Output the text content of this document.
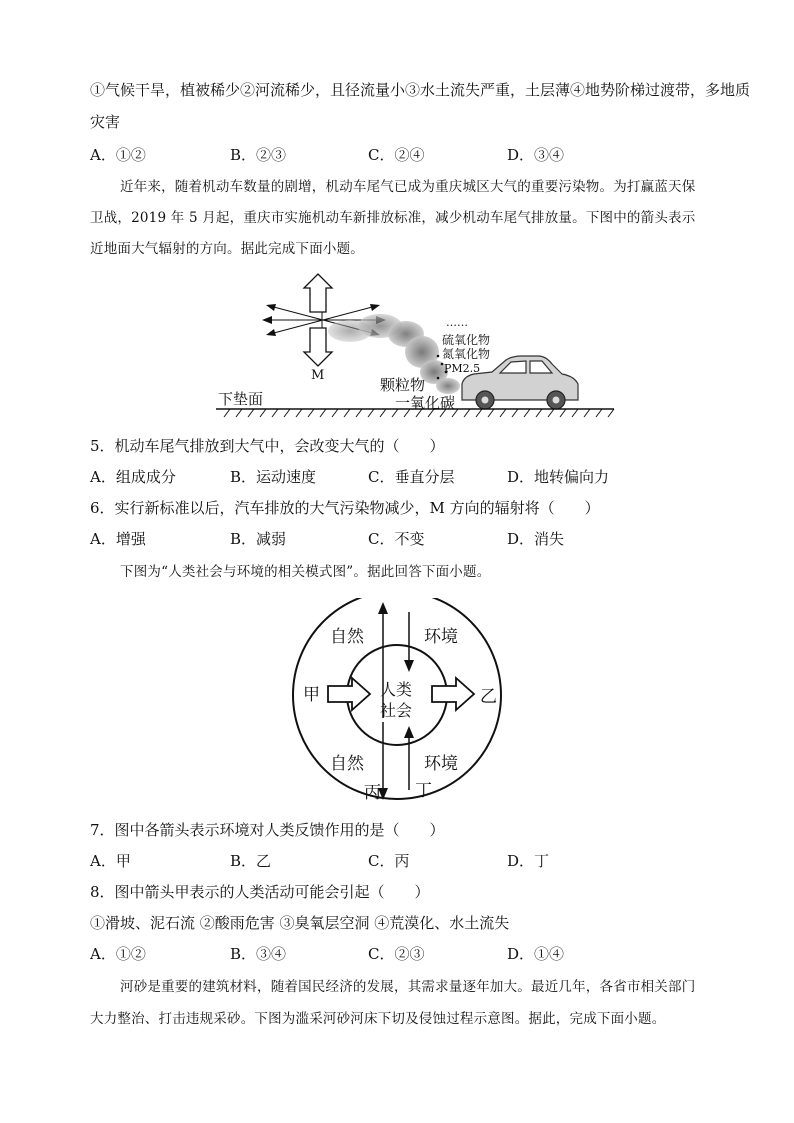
①气候干旱，植被稀少②河流稀少，且径流量小③水土流失严重，土层薄④地势阶梯过渡带，多地质
灾害
A．①②	B．②③	C．②④	D．③④
近年来，随着机动车数量的剧增，机动车尾气已成为重庆城区大气的重要污染物。为打赢蓝天保
卫战，2019 年 5 月起，重庆市实施机动车新排放标准，减少机动车尾气排放量。下图中的箭头表示
近地面大气辐射的方向。据此完成下面小题。
M
……
硫氧化物
氮氧化物
PM2.5
颗粒物
一氧化碳
下垫面
5．机动车尾气排放到大气中，会改变大气的（　　）
A．组成成分	B．运动速度	C．垂直分层	D．地转偏向力
6．实行新标准以后，汽车排放的大气污染物减少，M 方向的辐射将（　　）
A．增强	B．减弱	C．不变	D．消失
下图为“人类社会与环境的相关模式图”。据此回答下面小题。
自然	环境
自然	环境
人类
社会
甲	乙
丙 丁
7．图中各箭头表示环境对人类反馈作用的是（　　）
A．甲	B．乙	C．丙	D．丁
8．图中箭头甲表示的人类活动可能会引起（　　）
①滑坡、泥石流 ②酸雨危害 ③臭氧层空洞 ④荒漠化、水土流失
A．①②	B．③④	C．②③	D．①④
河砂是重要的建筑材料，随着国民经济的发展，其需求量逐年加大。最近几年，各省市相关部门
大力整治、打击违规采砂。下图为滥采河砂河床下切及侵蚀过程示意图。据此，完成下面小题。
